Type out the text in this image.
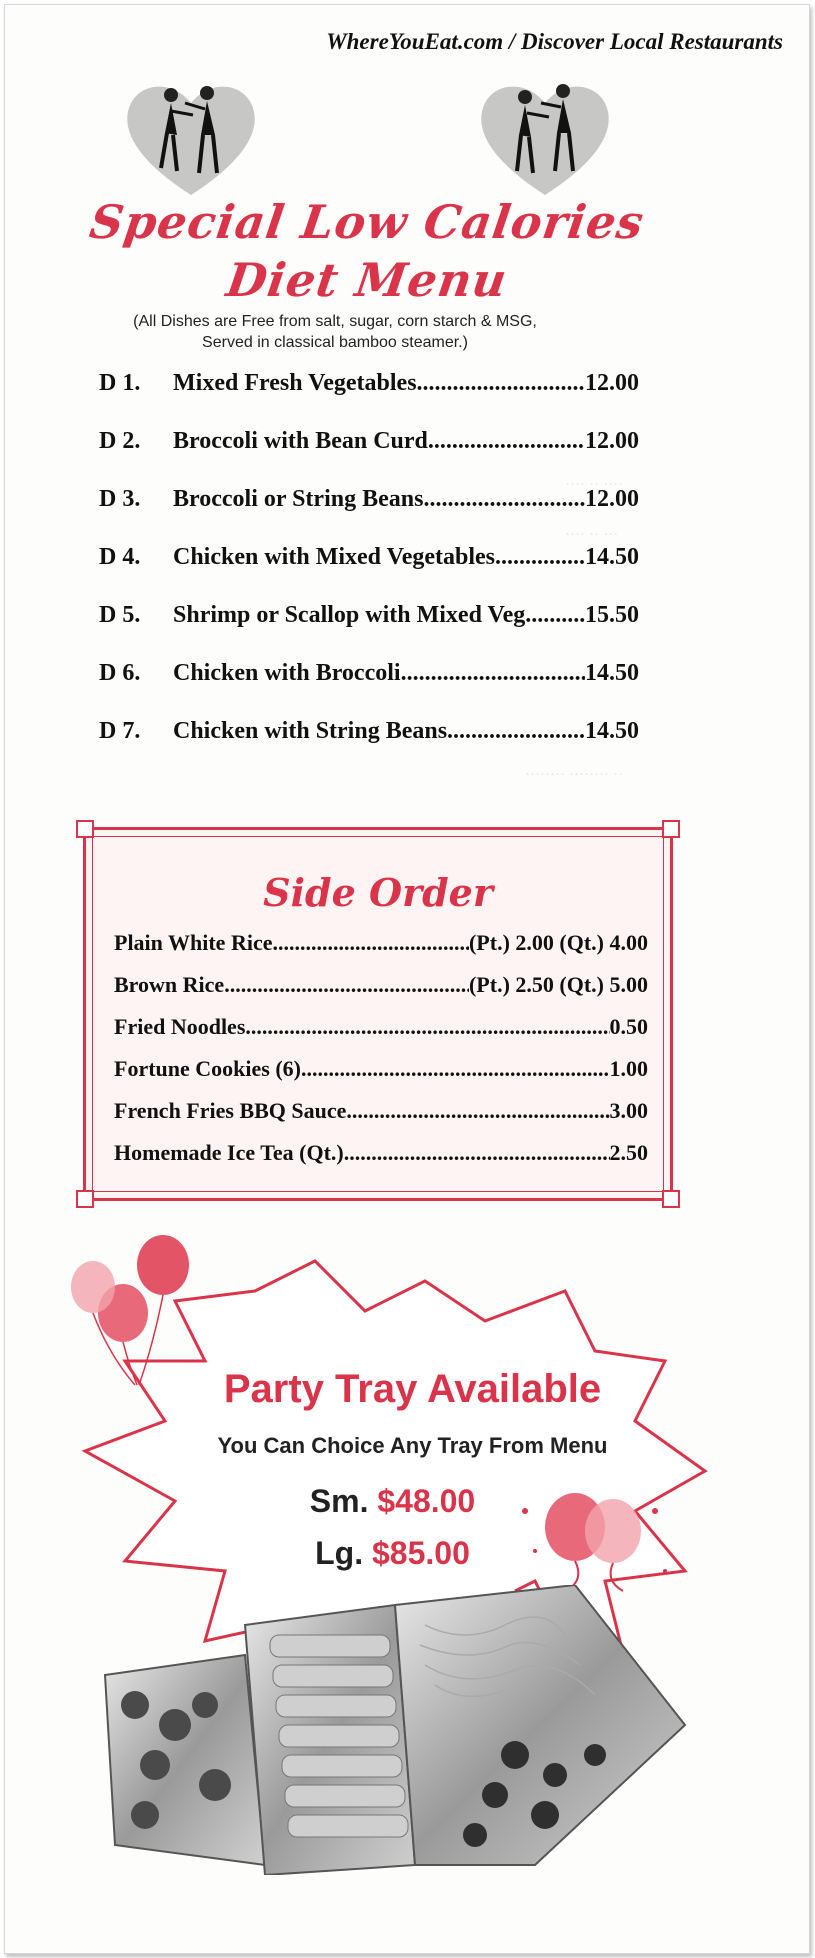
···· ·· ····
···· ·· ···
········ ········ ··
WhereYouEat.com / Discover Local Restaurants
Special Low Calories
Diet Menu
(All Dishes are Free from salt, sugar, corn starch & MSG,
Served in classical bamboo steamer.)
D 1.	Mixed Fresh Vegetables .....	12.00
D 2.	Broccoli with Bean Curd .....	12.00
D 3.	Broccoli or String Beans .....	12.00
D 4.	Chicken with Mixed Vegetables .....	14.50
D 5.	Shrimp or Scallop with Mixed Veg ..... 15.50
D 6.	Chicken with Broccoli .....	14.50
D 7.	Chicken with String Beans .....	14.50
Side Order
Plain White Rice .....	(Pt.) 2.00 (Qt.) 4.00
Brown Rice .....	(Pt.) 2.50 (Qt.) 5.00
Fried Noodles .....	0.50
Fortune Cookies (6) .....	1.00
French Fries BBQ Sauce .....	3.00
Homemade Ice Tea (Qt.) .....	2.50
Party Tray Available
You Can Choice Any Tray From Menu
Sm. $48.00
Lg. $85.00
